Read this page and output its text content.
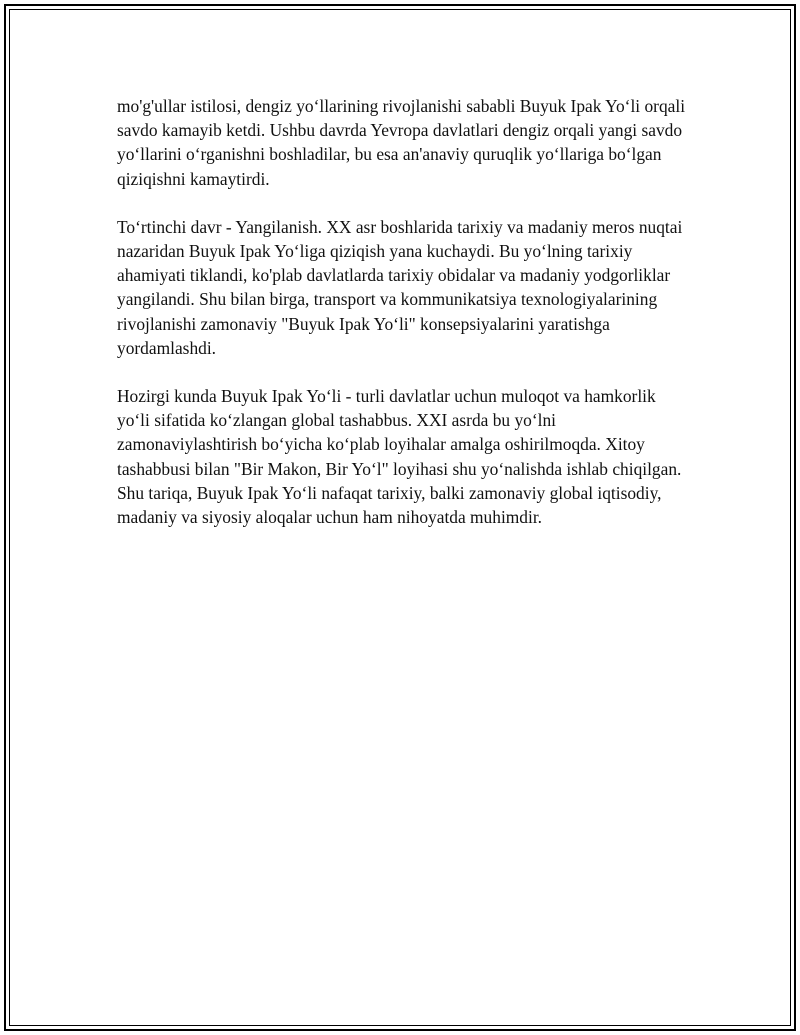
mo'g'ullar istilosi, dengiz yo‘llarining rivojlanishi sababli Buyuk Ipak Yo‘li orqali savdo kamayib ketdi. Ushbu davrda Yevropa davlatlari dengiz orqali yangi savdo yo‘llarini o‘rganishni boshladilar, bu esa an'anaviy quruqlik yo‘llariga bo‘lgan qiziqishni kamaytirdi.

To‘rtinchi davr - Yangilanish. XX asr boshlarida tarixiy va madaniy meros nuqtai nazaridan Buyuk Ipak Yo‘liga qiziqish yana kuchaydi. Bu yo‘lning tarixiy ahamiyati tiklandi, ko'plab davlatlarda tarixiy obidalar va madaniy yodgorliklar yangilandi. Shu bilan birga, transport va kommunikatsiya texnologiyalarining rivojlanishi zamonaviy "Buyuk Ipak Yo‘li" konsepsiyalarini yaratishga yordamlashdi.

Hozirgi kunda Buyuk Ipak Yo‘li - turli davlatlar uchun muloqot va hamkorlik yo‘li sifatida ko‘zlangan global tashabbus. XXI asrda bu yo‘lni zamonaviylashtirish bo‘yicha ko‘plab loyihalar amalga oshirilmoqda. Xitoy tashabbusi bilan "Bir Makon, Bir Yo‘l" loyihasi shu yo‘nalishda ishlab chiqilgan. Shu tariqa, Buyuk Ipak Yo‘li nafaqat tarixiy, balki zamonaviy global iqtisodiy, madaniy va siyosiy aloqalar uchun ham nihoyatda muhimdir.
